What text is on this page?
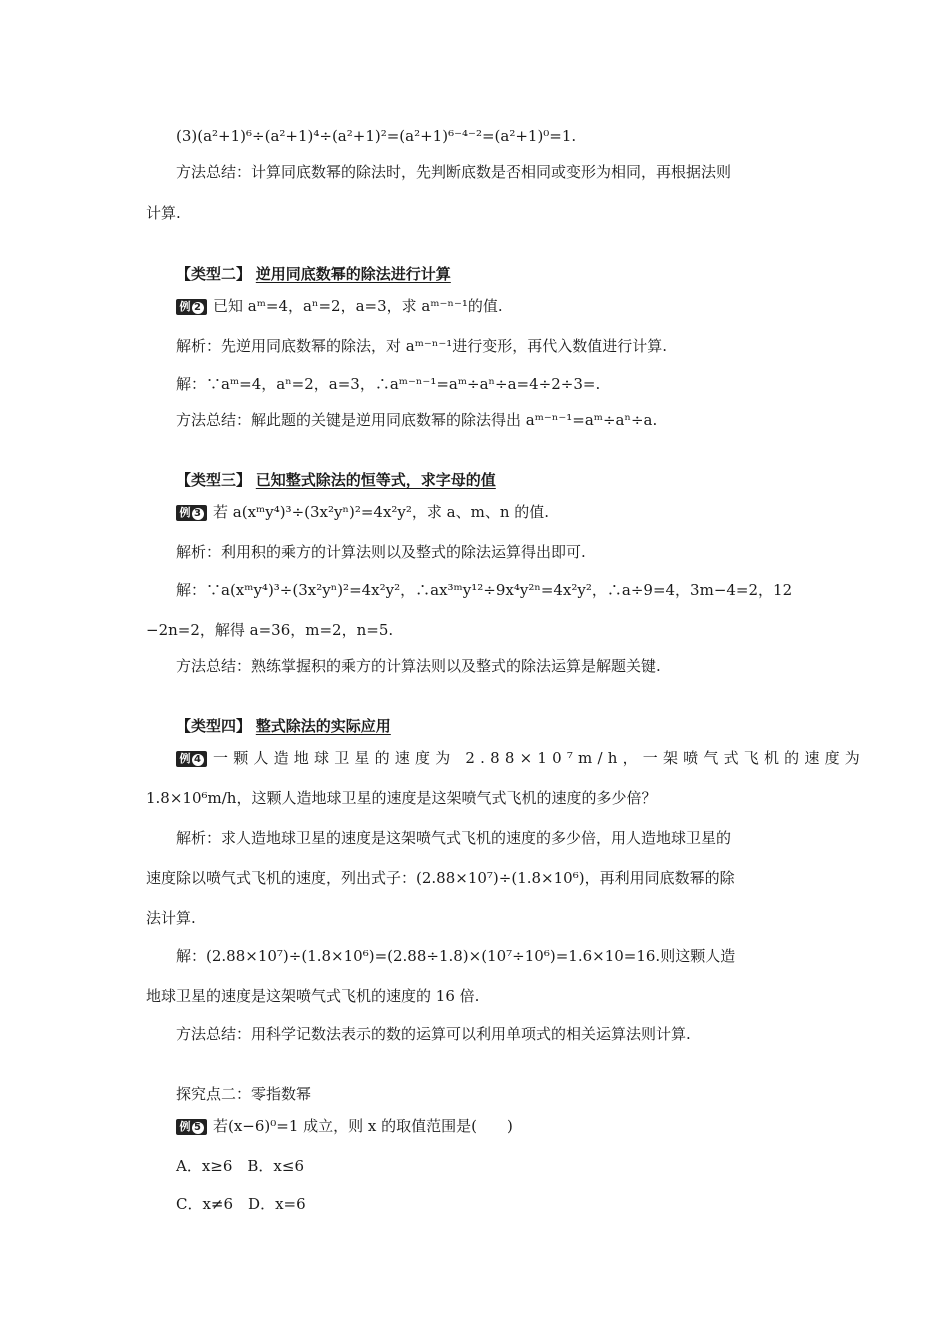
(3)(a²+1)⁶÷(a²+1)⁴÷(a²+1)²=(a²+1)⁶⁻⁴⁻²=(a²+1)⁰=1.
方法总结：计算同底数幂的除法时，先判断底数是否相同或变形为相同，再根据法则
计算.
【类型二】 逆用同底数幂的除法进行计算
例 2 已知 aᵐ=4，aⁿ=2，a=3，求 aᵐ⁻ⁿ⁻¹的值.
解析：先逆用同底数幂的除法，对 aᵐ⁻ⁿ⁻¹进行变形，再代入数值进行计算.
解：∵aᵐ=4，aⁿ=2，a=3，∴aᵐ⁻ⁿ⁻¹=aᵐ÷aⁿ÷a=4÷2÷3=.
方法总结：解此题的关键是逆用同底数幂的除法得出 aᵐ⁻ⁿ⁻¹=aᵐ÷aⁿ÷a.
【类型三】 已知整式除法的恒等式，求字母的值
例 3 若 a(xᵐy⁴)³÷(3x²yⁿ)²=4x²y²，求 a、m、n 的值.
解析：利用积的乘方的计算法则以及整式的除法运算得出即可.
解：∵a(xᵐy⁴)³÷(3x²yⁿ)²=4x²y²，∴ax³ᵐy¹²÷9x⁴y²ⁿ=4x²y²，∴a÷9=4，3m−4=2，12
−2n=2，解得 a=36，m=2，n=5.
方法总结：熟练掌握积的乘方的计算法则以及整式的除法运算是解题关键.
【类型四】 整式除法的实际应用
例 4 一颗人造地球卫星的速度为 2.88×10⁷m/h，一架喷气式飞机的速度为
1.8×10⁶m/h，这颗人造地球卫星的速度是这架喷气式飞机的速度的多少倍？
解析：求人造地球卫星的速度是这架喷气式飞机的速度的多少倍，用人造地球卫星的
速度除以喷气式飞机的速度，列出式子：(2.88×10⁷)÷(1.8×10⁶)，再利用同底数幂的除
法计算.
解：(2.88×10⁷)÷(1.8×10⁶)=(2.88÷1.8)×(10⁷÷10⁶)=1.6×10=16.则这颗人造
地球卫星的速度是这架喷气式飞机的速度的 16 倍.
方法总结：用科学记数法表示的数的运算可以利用单项式的相关运算法则计算.
探究点二：零指数幂
例 5 若(x−6)⁰=1 成立，则 x 的取值范围是(　　)
A．x≥6　B．x≤6
C．x≠6　D．x=6
